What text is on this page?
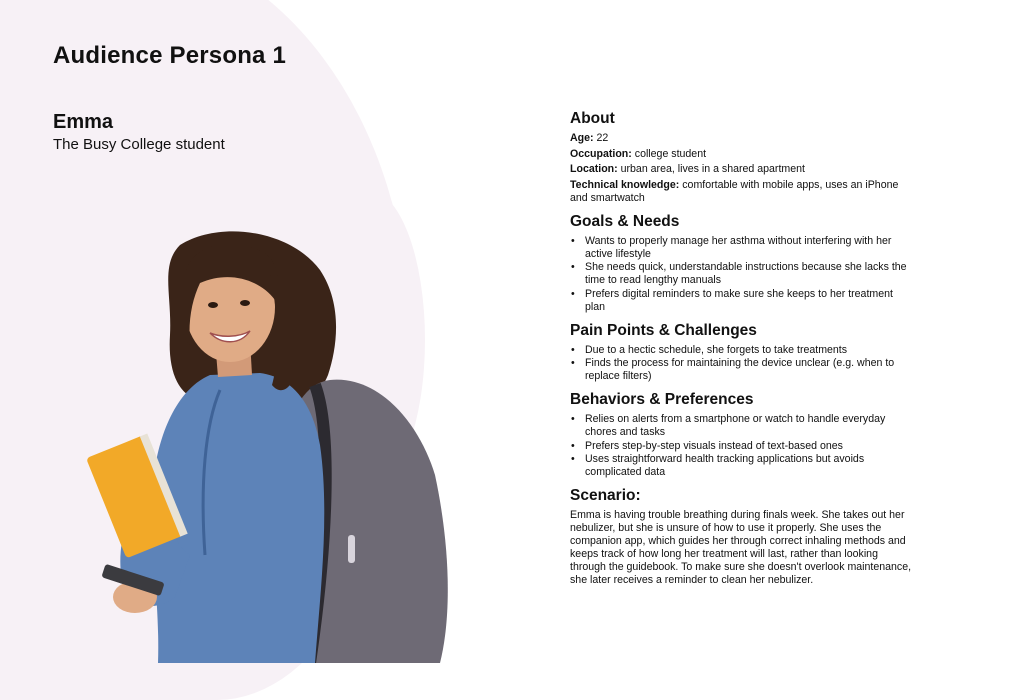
Audience Persona 1
Emma

The Busy College student

About

Age: 22

Occupation: college student

Location: urban area, lives in a shared apartment

Technical knowledge: comfortable with mobile apps, uses an iPhone and smartwatch

Goals & Needs
• Wants to properly manage her asthma without interfering with her active lifestyle
• She needs quick, understandable instructions because she lacks the time to read lengthy manuals
• Prefers digital reminders to make sure she keeps to her treatment plan
Pain Points & Challenges
• Due to a hectic schedule, she forgets to take treatments
• Finds the process for maintaining the device unclear (e.g. when to replace filters)
Behaviors & Preferences
• Relies on alerts from a smartphone or watch to handle everyday chores and tasks
• Prefers step-by-step visuals instead of text-based ones
• Uses straightforward health tracking applications but avoids complicated data
Scenario:

Emma is having trouble breathing during finals week. She takes out her nebulizer, but she is unsure of how to use it properly. She uses the companion app, which guides her through correct inhaling methods and keeps track of how long her treatment will last, rather than looking through the guidebook. To make sure she doesn't overlook maintenance, she later receives a reminder to clean her nebulizer.
